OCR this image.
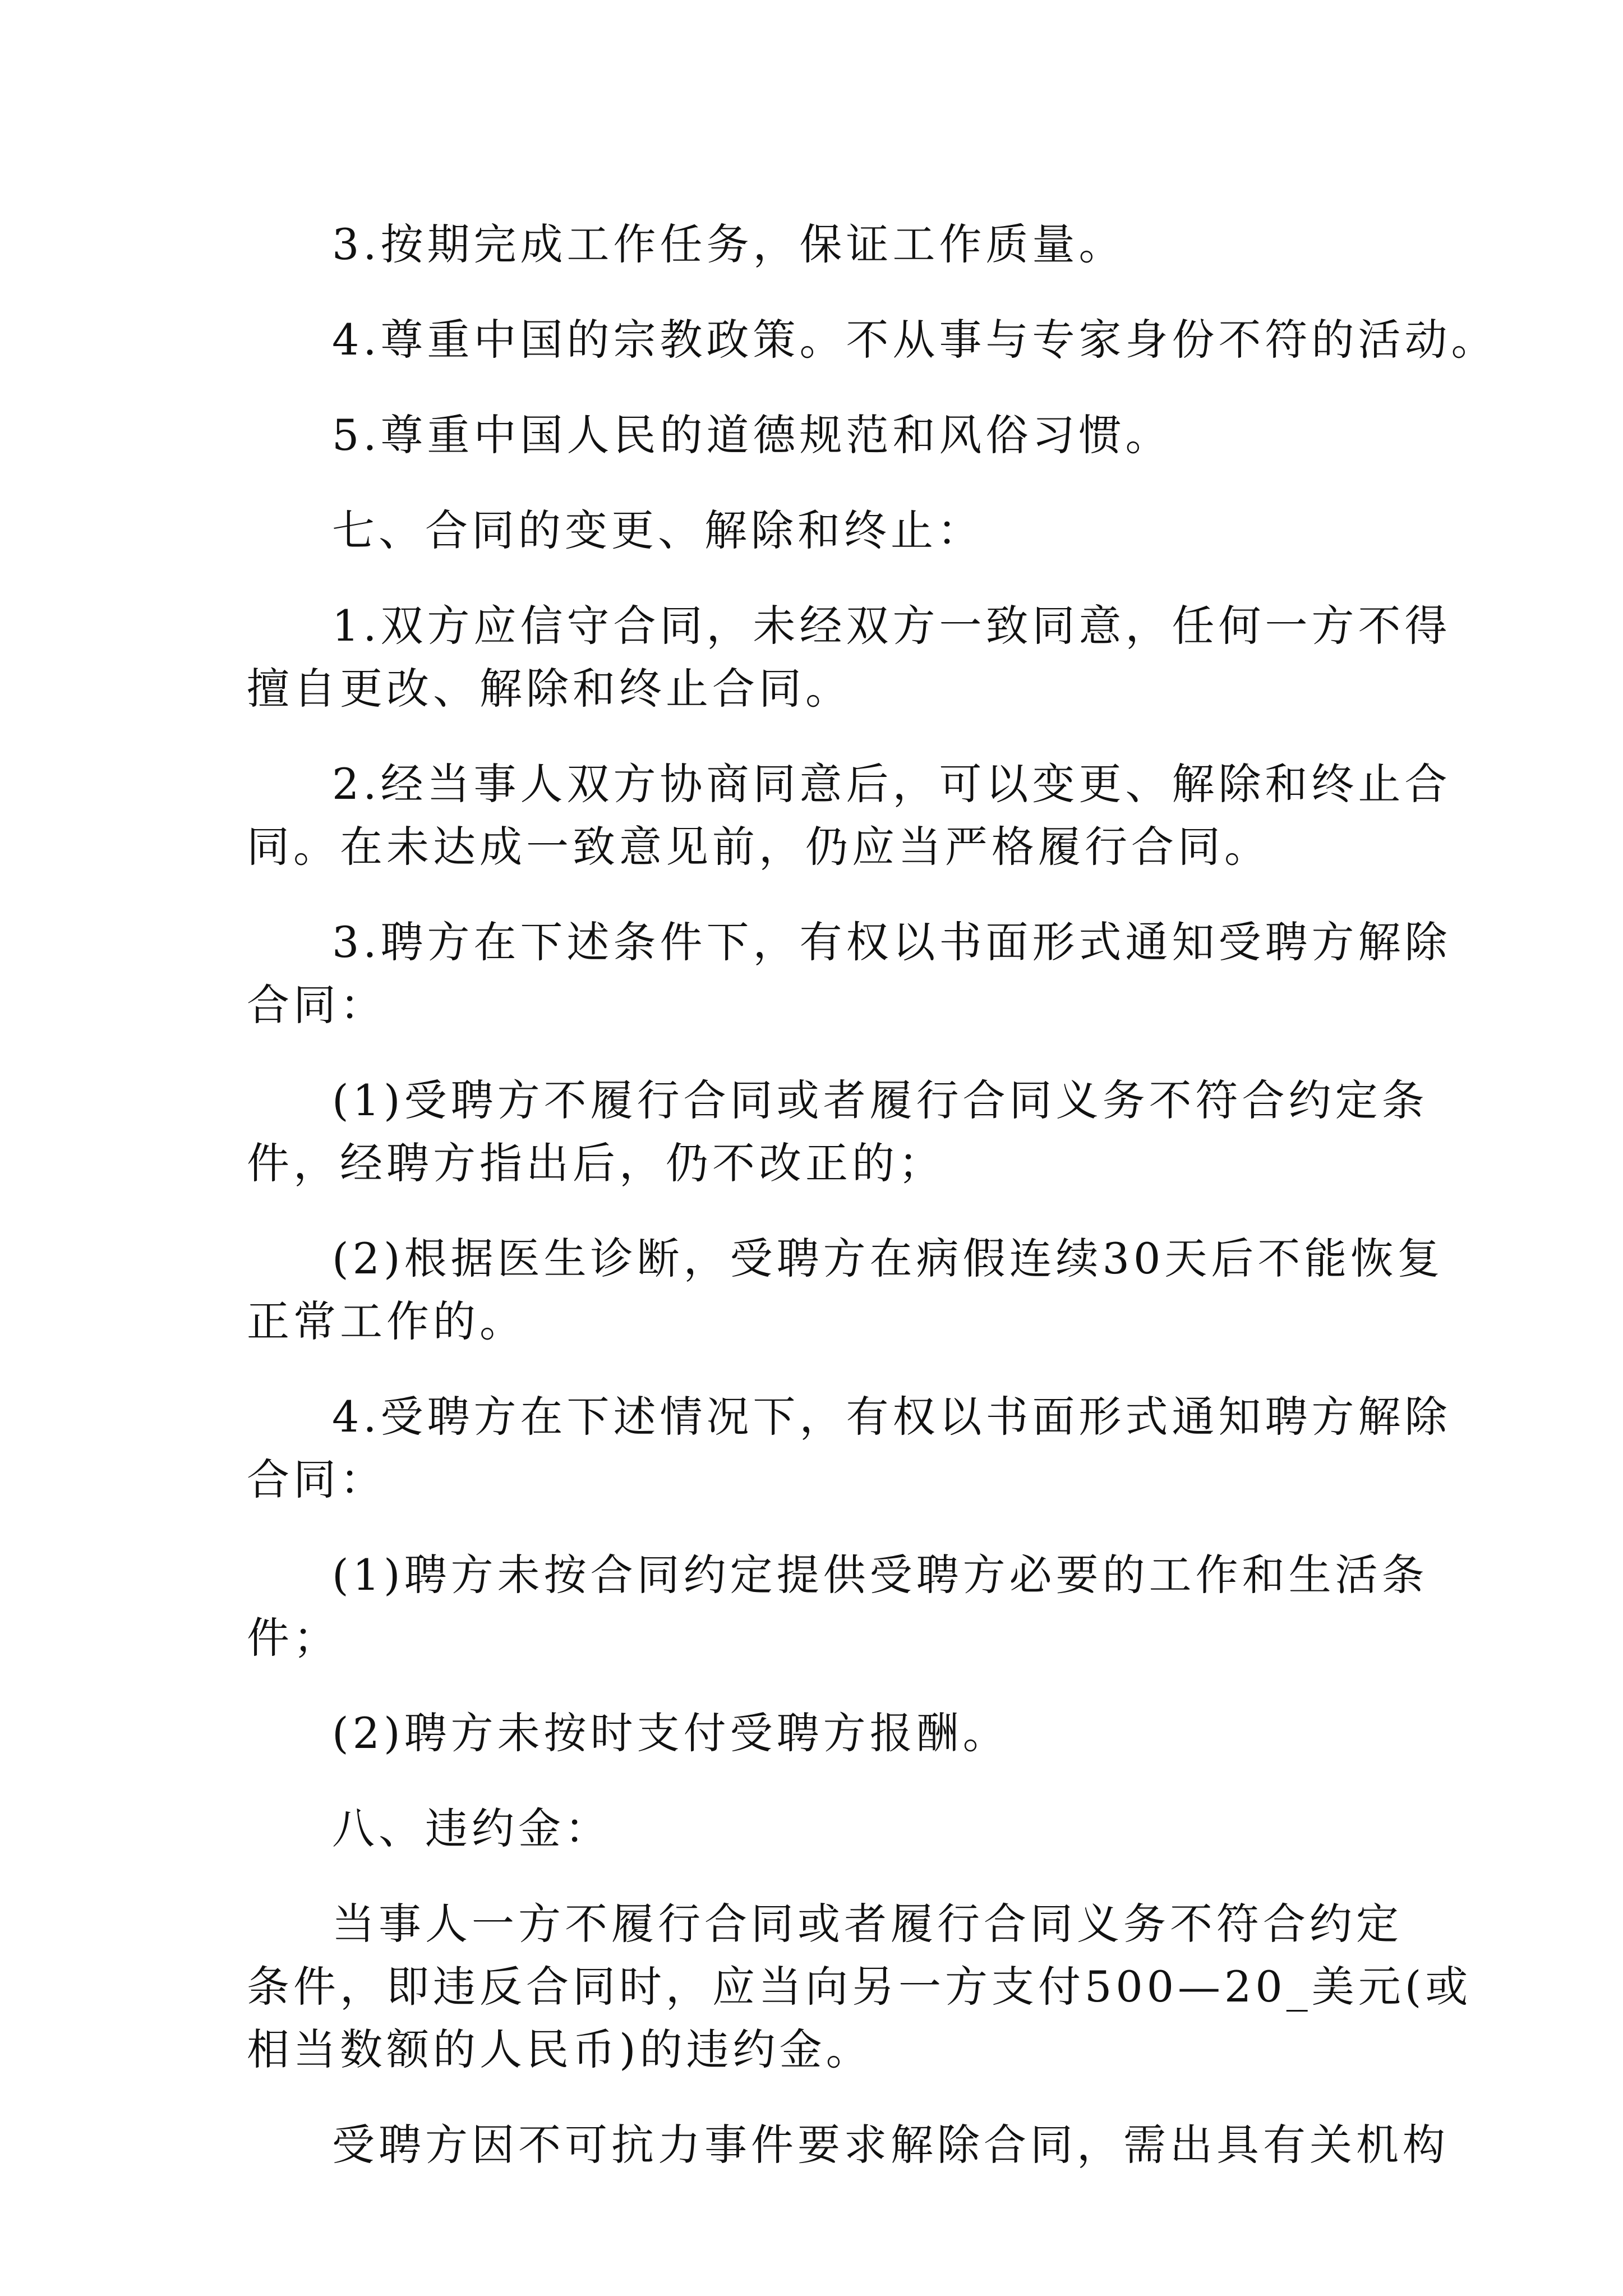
3.按期完成工作任务，保证工作质量。

4.尊重中国的宗教政策。不从事与专家身份不符的活动。

5.尊重中国人民的道德规范和风俗习惯。

七、合同的变更、解除和终止：

1.双方应信守合同，未经双方一致同意，任何一方不得

擅自更改、解除和终止合同。

2.经当事人双方协商同意后，可以变更、解除和终止合

同。在未达成一致意见前，仍应当严格履行合同。

3.聘方在下述条件下，有权以书面形式通知受聘方解除

合同：

(1)受聘方不履行合同或者履行合同义务不符合约定条

件，经聘方指出后，仍不改正的；

(2)根据医生诊断，受聘方在病假连续30天后不能恢复

正常工作的。

4.受聘方在下述情况下，有权以书面形式通知聘方解除

合同：

(1)聘方未按合同约定提供受聘方必要的工作和生活条

件；

(2)聘方未按时支付受聘方报酬。

八、违约金：

当事人一方不履行合同或者履行合同义务不符合约定

条件，即违反合同时，应当向另一方支付500—20_美元(或

相当数额的人民币)的违约金。

受聘方因不可抗力事件要求解除合同，需出具有关机构
